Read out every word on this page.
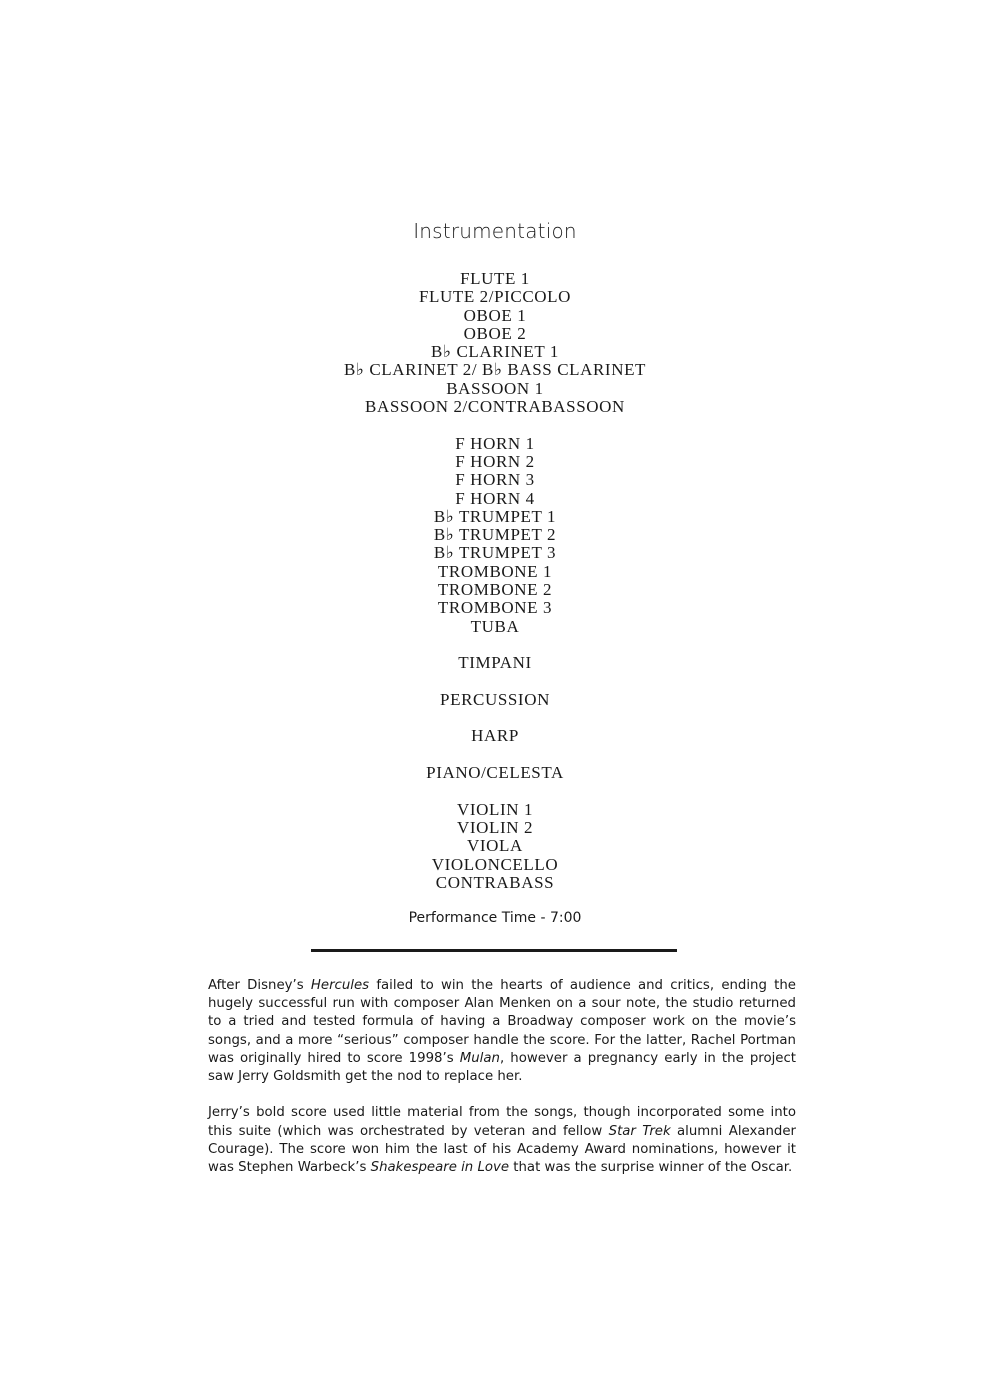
Instrumentation
FLUTE 1
FLUTE 2/PICCOLO
OBOE 1
OBOE 2
B♭ CLARINET 1
B♭ CLARINET 2/ B♭ BASS CLARINET
BASSOON 1
BASSOON 2/CONTRABASSOON
F HORN 1
F HORN 2
F HORN 3
F HORN 4
B♭ TRUMPET 1
B♭ TRUMPET 2
B♭ TRUMPET 3
TROMBONE 1
TROMBONE 2
TROMBONE 3
TUBA
TIMPANI
PERCUSSION
HARP
PIANO/CELESTA
VIOLIN 1
VIOLIN 2
VIOLA
VIOLONCELLO
CONTRABASS
Performance Time - 7:00

After Disney’s Hercules failed to win the hearts of audience and critics, ending the hugely successful run with composer Alan Menken on a sour note, the studio returned to a tried and tested formula of having a Broadway composer work on the movie’s songs, and a more “serious” composer handle the score. For the latter, Rachel Portman was originally hired to score 1998’s Mulan, however a pregnancy early in the project saw Jerry Goldsmith get the nod to replace her.

Jerry’s bold score used little material from the songs, though incorporated some into this suite (which was orchestrated by veteran and fellow Star Trek alumni Alexander Courage). The score won him the last of his Academy Award nominations, however it was Stephen Warbeck’s Shakespeare in Love that was the surprise winner of the Oscar.
